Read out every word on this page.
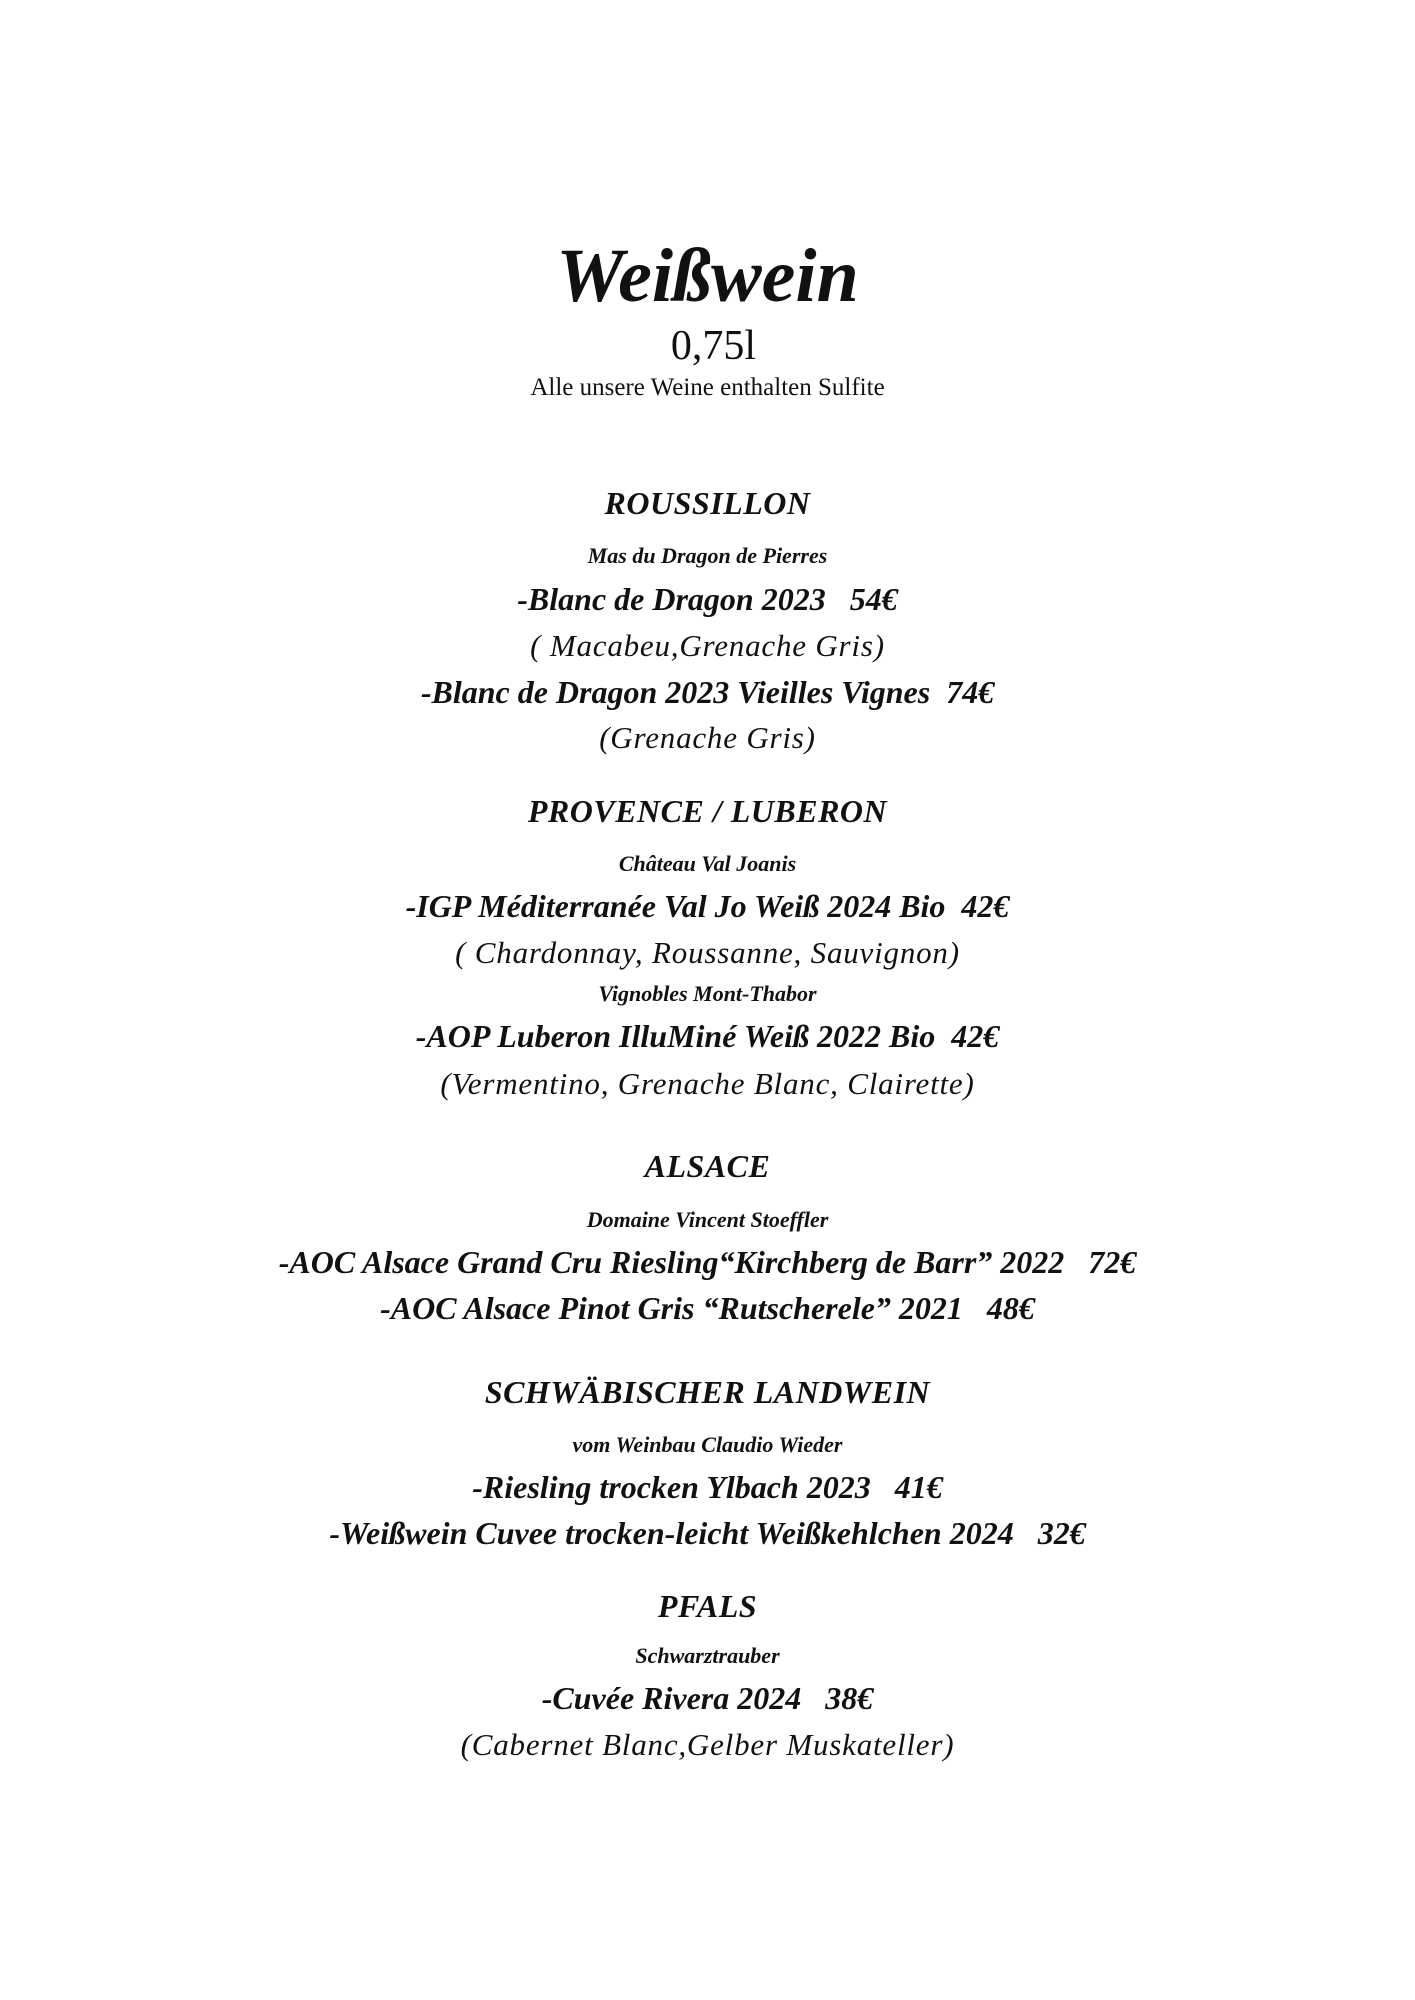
Weißwein
0,75l
Alle unsere Weine enthalten Sulfite
ROUSSILLON
Mas du Dragon de Pierres
-Blanc de Dragon 2023   54€
( Macabeu,Grenache Gris)
-Blanc de Dragon 2023 Vieilles Vignes  74€
(Grenache Gris)
PROVENCE / LUBERON
Château Val Joanis
-IGP Méditerranée Val Jo Weiß 2024 Bio  42€
( Chardonnay, Roussanne, Sauvignon)
Vignobles Mont-Thabor
-AOP Luberon IlluMiné Weiß 2022 Bio  42€
(Vermentino, Grenache Blanc, Clairette)
ALSACE
Domaine Vincent Stoeffler
-AOC Alsace Grand Cru Riesling“Kirchberg de Barr” 2022   72€
-AOC Alsace Pinot Gris “Rutscherele” 2021   48€
SCHWÄBISCHER LANDWEIN
vom Weinbau Claudio Wieder
-Riesling trocken Ylbach 2023   41€
-Weißwein Cuvee trocken-leicht Weißkehlchen 2024   32€
PFALS
Schwarztrauber
-Cuvée Rivera 2024   38€
(Cabernet Blanc,Gelber Muskateller)
